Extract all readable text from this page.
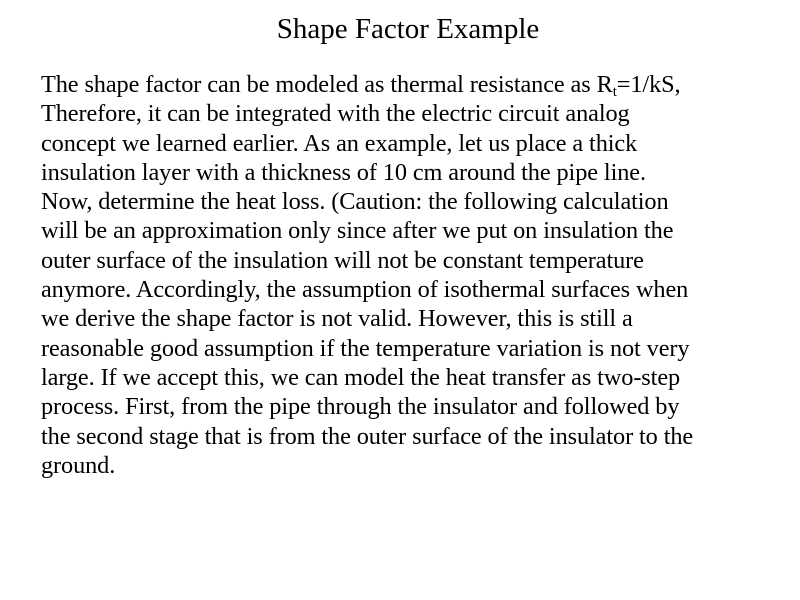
Shape Factor Example
The shape factor can be modeled as thermal resistance as $R_t=1/kS$,
Therefore, it can be integrated with the electric circuit analog
concept we learned earlier. As an example, let us place a thick
insulation layer with a thickness of 10 cm around the pipe line.
Now, determine the heat loss. (Caution: the following calculation
will be an approximation only since after we put on insulation the
outer surface of the insulation will not be constant temperature
anymore. Accordingly, the assumption of isothermal surfaces when
we derive the shape factor is not valid. However, this is still a
reasonable good assumption if the temperature variation is not very
large. If we accept this, we can model the heat transfer as two-step
process. First, from the pipe through the insulator and followed by
the second stage that is from the outer surface of the insulator to the
ground.
